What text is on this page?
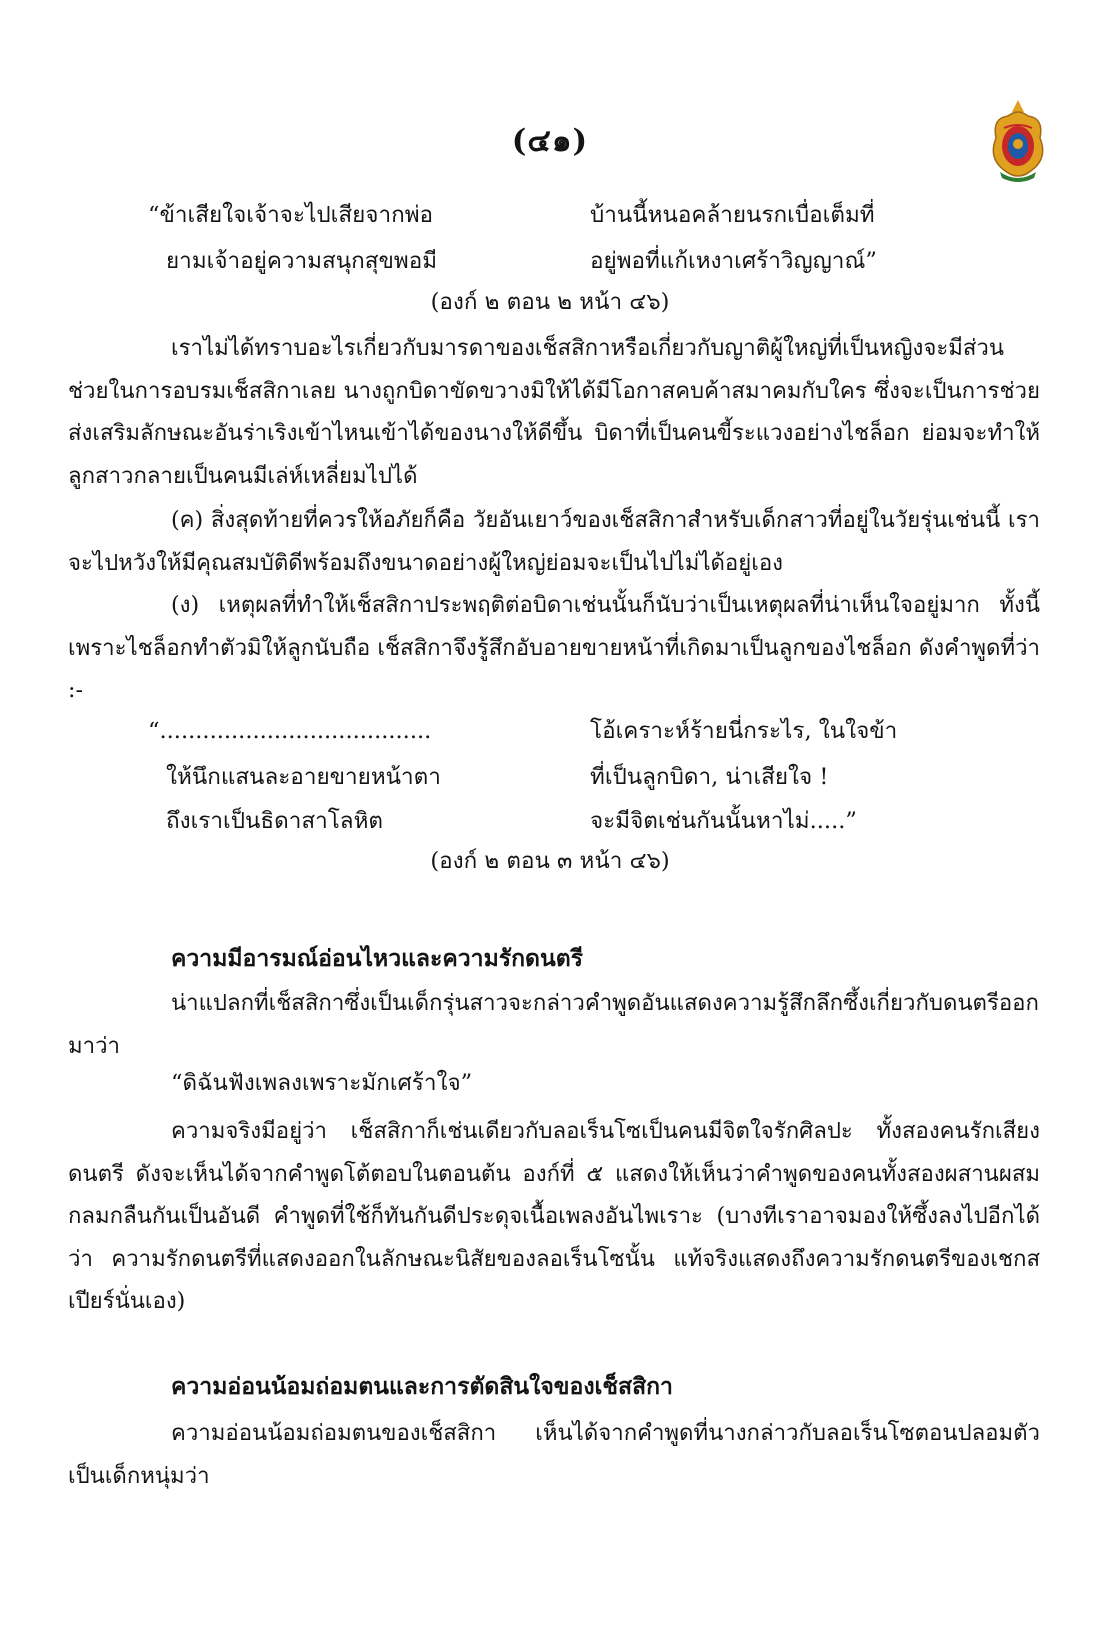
(๔๑)
“ข้าเสียใจเจ้าจะไปเสียจากพ่อ
ยามเจ้าอยู่ความสนุกสุขพอมี
บ้านนี้หนอคล้ายนรกเบื่อเต็มที่
อยู่พอที่แก้เหงาเศร้าวิญญาณ์”
(องก์ ๒ ตอน ๒ หน้า ๔๖)

เราไม่ได้ทราบอะไรเกี่ยวกับมารดาของเช็สสิกาหรือเกี่ยวกับญาติผู้ใหญ่ที่เป็นหญิงจะมีส่วนช่วยในการอบรมเช็สสิกาเลย นางถูกบิดาขัดขวางมิให้ได้มีโอกาสคบค้าสมาคมกับใคร ซึ่งจะเป็นการช่วยส่งเสริมลักษณะอันร่าเริงเข้าไหนเข้าได้ของนางให้ดีขึ้น บิดาที่เป็นคนขี้ระแวงอย่างไชล็อก ย่อมจะทำให้ลูกสาวกลายเป็นคนมีเล่ห์เหลี่ยมไปได้

(ค) สิ่งสุดท้ายที่ควรให้อภัยก็คือ วัยอันเยาว์ของเช็สสิกาสำหรับเด็กสาวที่อยู่ในวัยรุ่นเช่นนี้ เราจะไปหวังให้มีคุณสมบัติดีพร้อมถึงขนาดอย่างผู้ใหญ่ย่อมจะเป็นไปไม่ได้อยู่เอง

(ง) เหตุผลที่ทำให้เช็สสิกาประพฤติต่อบิดาเช่นนั้นก็นับว่าเป็นเหตุผลที่น่าเห็นใจอยู่มาก ทั้งนี้เพราะไชล็อกทำตัวมิให้ลูกนับถือ เช็สสิกาจึงรู้สึกอับอายขายหน้าที่เกิดมาเป็นลูกของไชล็อก ดังคำพูดที่ว่า :-

“......................................
ให้นึกแสนละอายขายหน้าตา
ถึงเราเป็นธิดาสาโลหิต
โอ้เคราะห์ร้ายนี่กระไร, ในใจข้า
ที่เป็นลูกบิดา, น่าเสียใจ !
จะมีจิตเช่นกันนั้นหาไม่.....”
(องก์ ๒ ตอน ๓ หน้า ๔๖)
ความมีอารมณ์อ่อนไหวและความรักดนตรี

น่าแปลกที่เช็สสิกาซึ่งเป็นเด็กรุ่นสาวจะกล่าวคำพูดอันแสดงความรู้สึกลึกซึ้งเกี่ยวกับดนตรีออกมาว่า

“ดิฉันฟังเพลงเพราะมักเศร้าใจ”

ความจริงมีอยู่ว่า เช็สสิกาก็เช่นเดียวกับลอเร็นโซเป็นคนมีจิตใจรักศิลปะ ทั้งสองคนรักเสียงดนตรี ดังจะเห็นได้จากคำพูดโต้ตอบในตอนต้น องก์ที่ ๕ แสดงให้เห็นว่าคำพูดของคนทั้งสองผสานผสมกลมกลืนกันเป็นอันดี คำพูดที่ใช้ก็ทันกันดีประดุจเนื้อเพลงอันไพเราะ (บางทีเราอาจมองให้ซึ้งลงไปอีกได้ว่า ความรักดนตรีที่แสดงออกในลักษณะนิสัยของลอเร็นโซนั้น แท้จริงแสดงถึงความรักดนตรีของเชกสเปียร์นั่นเอง)

ความอ่อนน้อมถ่อมตนและการตัดสินใจของเช็สสิกา

ความอ่อนน้อมถ่อมตนของเช็สสิกา เห็นได้จากคำพูดที่นางกล่าวกับลอเร็นโซตอนปลอมตัวเป็นเด็กหนุ่มว่า
